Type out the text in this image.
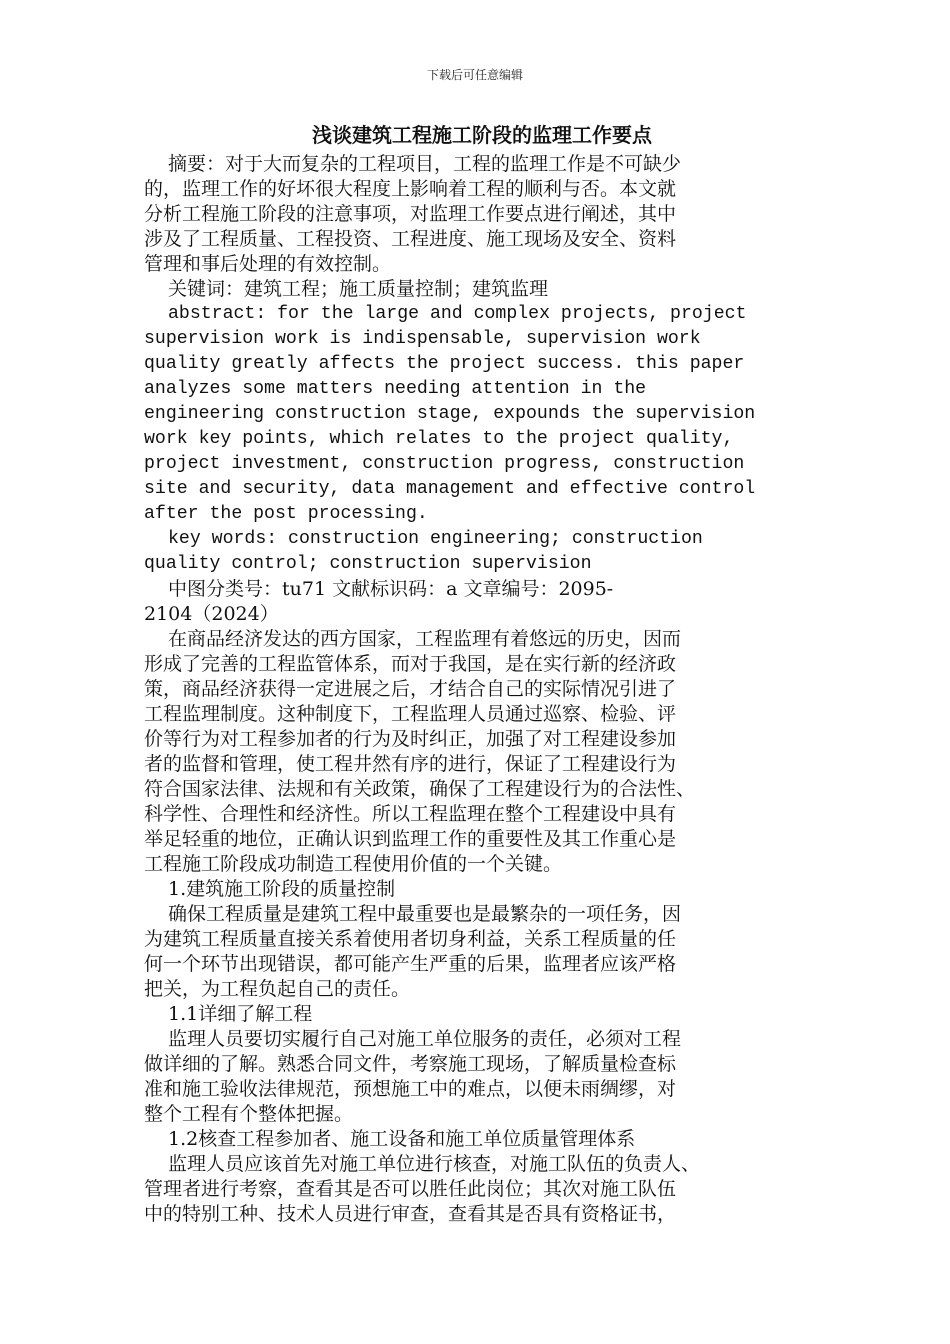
下载后可任意编辑
浅谈建筑工程施工阶段的监理工作要点

摘要：对于大而复杂的工程项目，工程的监理工作是不可缺少

的，监理工作的好坏很大程度上影响着工程的顺利与否。本文就

分析工程施工阶段的注意事项，对监理工作要点进行阐述，其中

涉及了工程质量、工程投资、工程进度、施工现场及安全、资料

管理和事后处理的有效控制。

关键词：建筑工程；施工质量控制；建筑监理

abstract: for the large and complex projects, project

supervision work is indispensable, supervision work

quality greatly affects the project success. this paper

analyzes some matters needing attention in the

engineering construction stage, expounds the supervision

work key points, which relates to the project quality,

project investment, construction progress, construction

site and security, data management and effective control

after the post processing.

key words: construction engineering; construction

quality control; construction supervision

中图分类号：tu71 文献标识码：a 文章编号：2095-

2104（2024）

在商品经济发达的西方国家，工程监理有着悠远的历史，因而

形成了完善的工程监管体系，而对于我国，是在实行新的经济政

策，商品经济获得一定进展之后，才结合自己的实际情况引进了

工程监理制度。这种制度下，工程监理人员通过巡察、检验、评

价等行为对工程参加者的行为及时纠正，加强了对工程建设参加

者的监督和管理，使工程井然有序的进行，保证了工程建设行为

符合国家法律、法规和有关政策，确保了工程建设行为的合法性、

科学性、合理性和经济性。所以工程监理在整个工程建设中具有

举足轻重的地位，正确认识到监理工作的重要性及其工作重心是

工程施工阶段成功制造工程使用价值的一个关键。

1.建筑施工阶段的质量控制

确保工程质量是建筑工程中最重要也是最繁杂的一项任务，因

为建筑工程质量直接关系着使用者切身利益，关系工程质量的任

何一个环节出现错误，都可能产生严重的后果，监理者应该严格

把关，为工程负起自己的责任。

1.1详细了解工程

监理人员要切实履行自己对施工单位服务的责任，必须对工程

做详细的了解。熟悉合同文件，考察施工现场，了解质量检查标

准和施工验收法律规范，预想施工中的难点，以便未雨绸缪，对

整个工程有个整体把握。

1.2核查工程参加者、施工设备和施工单位质量管理体系

监理人员应该首先对施工单位进行核查，对施工队伍的负责人、

管理者进行考察，查看其是否可以胜任此岗位；其次对施工队伍

中的特别工种、技术人员进行审查，查看其是否具有资格证书，
